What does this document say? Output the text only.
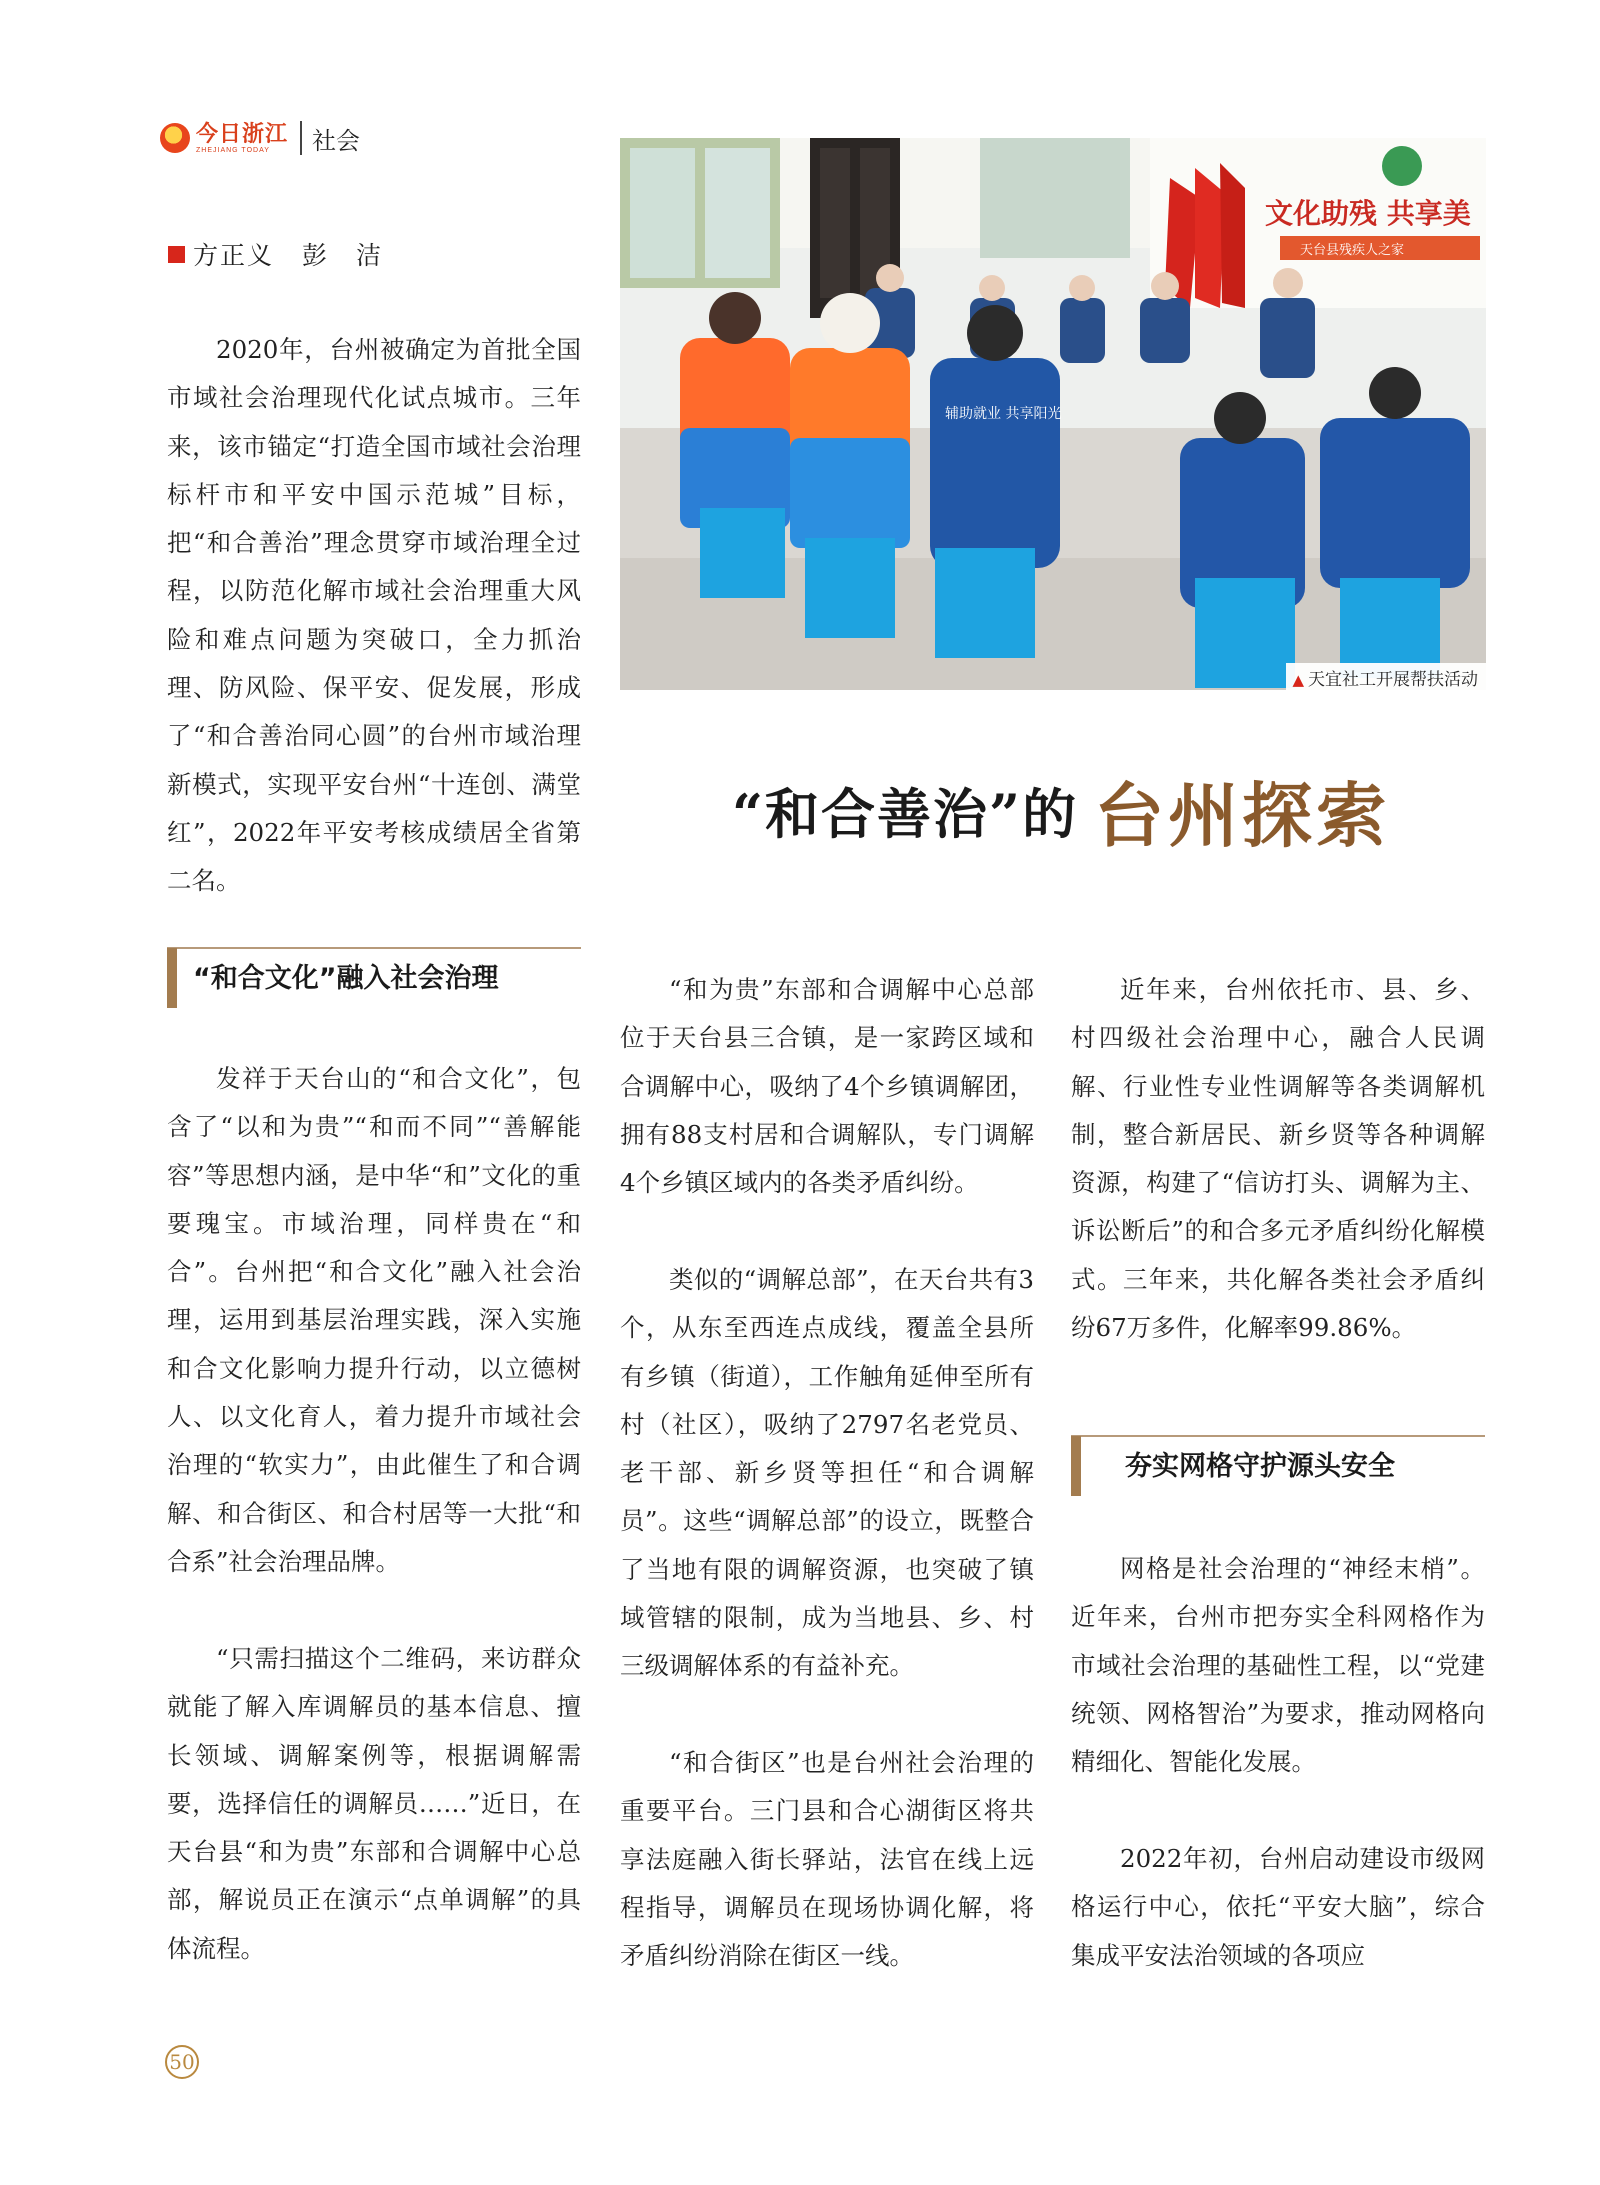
今日浙江
ZHEJIANG TODAY	社会
方正义 彭　洁
文化助残 共享美
天台县残疾人之家
辅助就业 共享阳光
▲ 天宜社工开展帮扶活动
“和合善治”的 台州探索

2020年，台州被确定为首批全国市域社会治理现代化试点城市。三年来，该市锚定“打造全国市域社会治理标杆市和平安中国示范城”目标，把“和合善治”理念贯穿市域治理全过程，以防范化解市域社会治理重大风险和难点问题为突破口，全力抓治理、防风险、保平安、促发展，形成了“和合善治同心圆”的台州市域治理新模式，实现平安台州“十连创、满堂红”，2022年平安考核成绩居全省第二名。

“和合文化”融入社会治理

发祥于天台山的“和合文化”，包含了“以和为贵”“和而不同”“善解能容”等思想内涵，是中华“和”文化的重要瑰宝。市域治理，同样贵在“和合”。台州把“和合文化”融入社会治理，运用到基层治理实践，深入实施和合文化影响力提升行动，以立德树人、以文化育人，着力提升市域社会治理的“软实力”，由此催生了和合调解、和合街区、和合村居等一大批“和合系”社会治理品牌。

“只需扫描这个二维码，来访群众就能了解入库调解员的基本信息、擅长领域、调解案例等，根据调解需要，选择信任的调解员……”近日，在天台县“和为贵”东部和合调解中心总部，解说员正在演示“点单调解”的具体流程。

“和为贵”东部和合调解中心总部位于天台县三合镇，是一家跨区域和合调解中心，吸纳了4个乡镇调解团，拥有88支村居和合调解队，专门调解4个乡镇区域内的各类矛盾纠纷。

类似的“调解总部”，在天台共有3个，从东至西连点成线，覆盖全县所有乡镇（街道），工作触角延伸至所有村（社区），吸纳了2797名老党员、老干部、新乡贤等担任“和合调解员”。这些“调解总部”的设立，既整合了当地有限的调解资源，也突破了镇域管辖的限制，成为当地县、乡、村三级调解体系的有益补充。

“和合街区”也是台州社会治理的重要平台。三门县和合心湖街区将共享法庭融入街长驿站，法官在线上远程指导，调解员在现场协调化解，将矛盾纠纷消除在街区一线。

近年来，台州依托市、县、乡、村四级社会治理中心，融合人民调解、行业性专业性调解等各类调解机制，整合新居民、新乡贤等各种调解资源，构建了“信访打头、调解为主、诉讼断后”的和合多元矛盾纠纷化解模式。三年来，共化解各类社会矛盾纠纷67万多件，化解率99.86%。

夯实网格守护源头安全

网格是社会治理的“神经末梢”。近年来，台州市把夯实全科网格作为市域社会治理的基础性工程，以“党建统领、网格智治”为要求，推动网格向精细化、智能化发展。

2022年初，台州启动建设市级网格运行中心，依托“平安大脑”，综合集成平安法治领域的各项应

50
